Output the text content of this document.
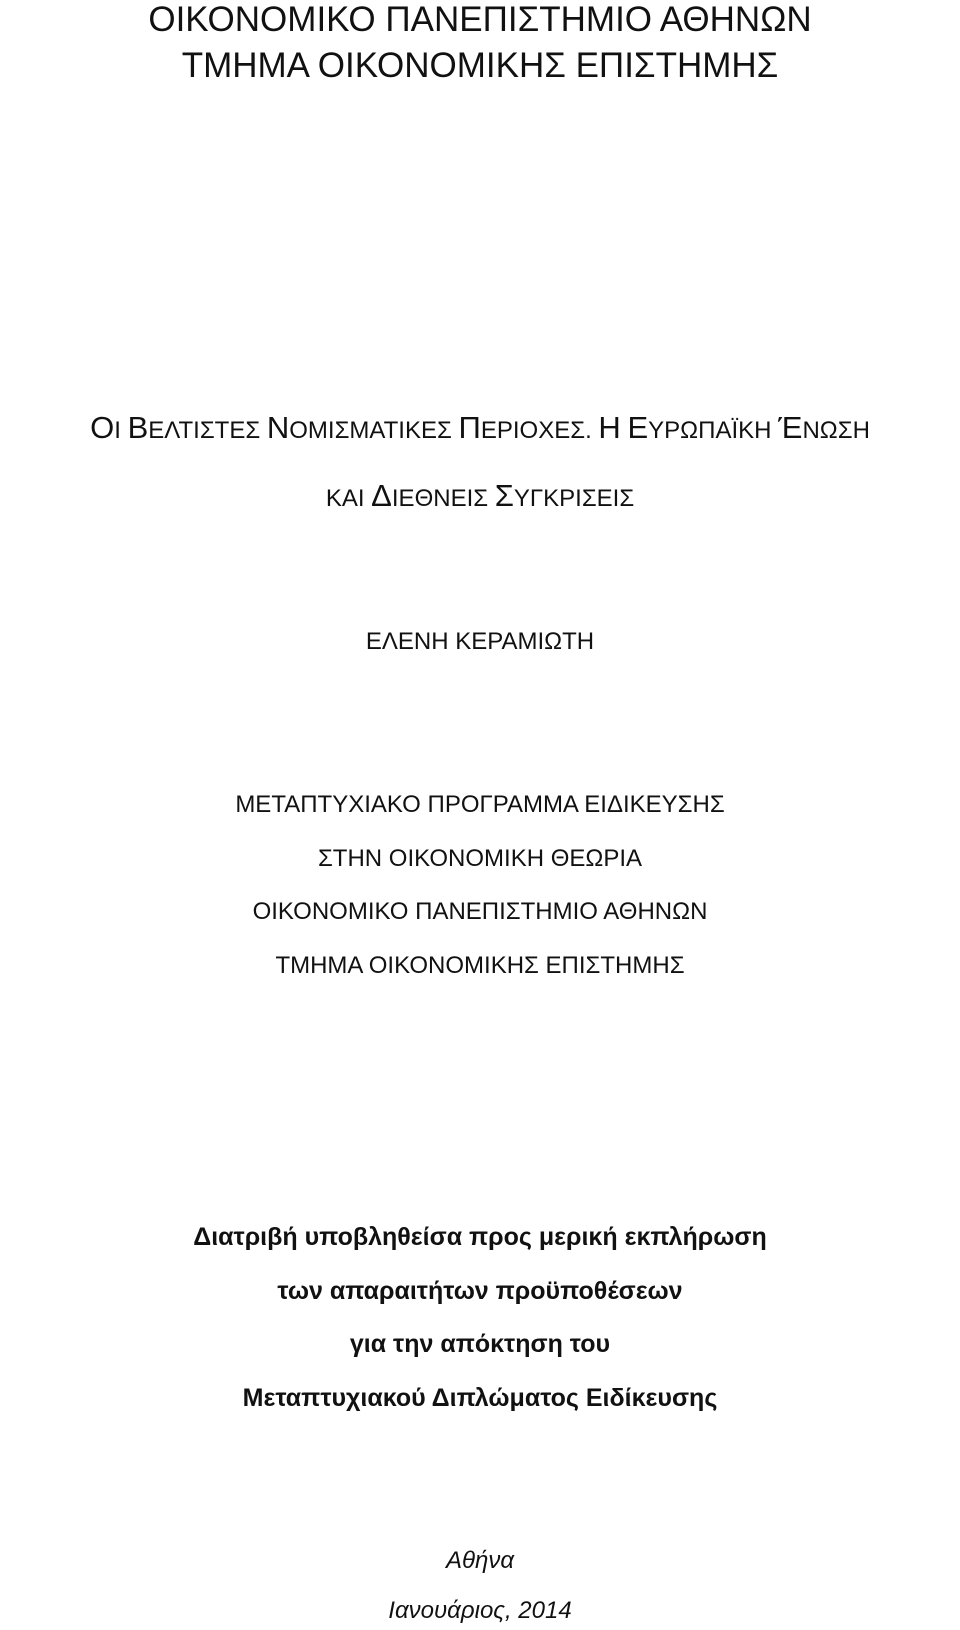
ΟΙΚΟΝΟΜΙΚΟ ΠΑΝΕΠΙΣΤΗΜΙΟ ΑΘΗΝΩΝ

ΤΜΗΜΑ ΟΙΚΟΝΟΜΙΚΗΣ ΕΠΙΣΤΗΜΗΣ

ΟΙ ΒΕΛΤΙΣΤΕΣ ΝΟΜΙΣΜΑΤΙΚΕΣ ΠΕΡΙΟΧΕΣ. Η ΕΥΡΩΠΑΪΚΗ ΈΝΩΣΗ

ΚΑΙ ΔΙΕΘΝΕΙΣ ΣΥΓΚΡΙΣΕΙΣ

ΕΛΕΝΗ ΚΕΡΑΜΙΩΤΗ

ΜΕΤΑΠΤΥΧΙΑΚΟ ΠΡΟΓΡΑΜΜΑ ΕΙΔΙΚΕΥΣΗΣ

ΣΤΗΝ ΟΙΚΟΝΟΜΙΚΗ ΘΕΩΡΙΑ

ΟΙΚΟΝΟΜΙΚΟ ΠΑΝΕΠΙΣΤΗΜΙΟ ΑΘΗΝΩΝ

ΤΜΗΜΑ ΟΙΚΟΝΟΜΙΚΗΣ ΕΠΙΣΤΗΜΗΣ

Διατριβή υποβληθείσα προς μερική εκπλήρωση

των απαραιτήτων προϋποθέσεων

για την απόκτηση του

Μεταπτυχιακού Διπλώματος Ειδίκευσης

Αθήνα

Ιανουάριος, 2014
